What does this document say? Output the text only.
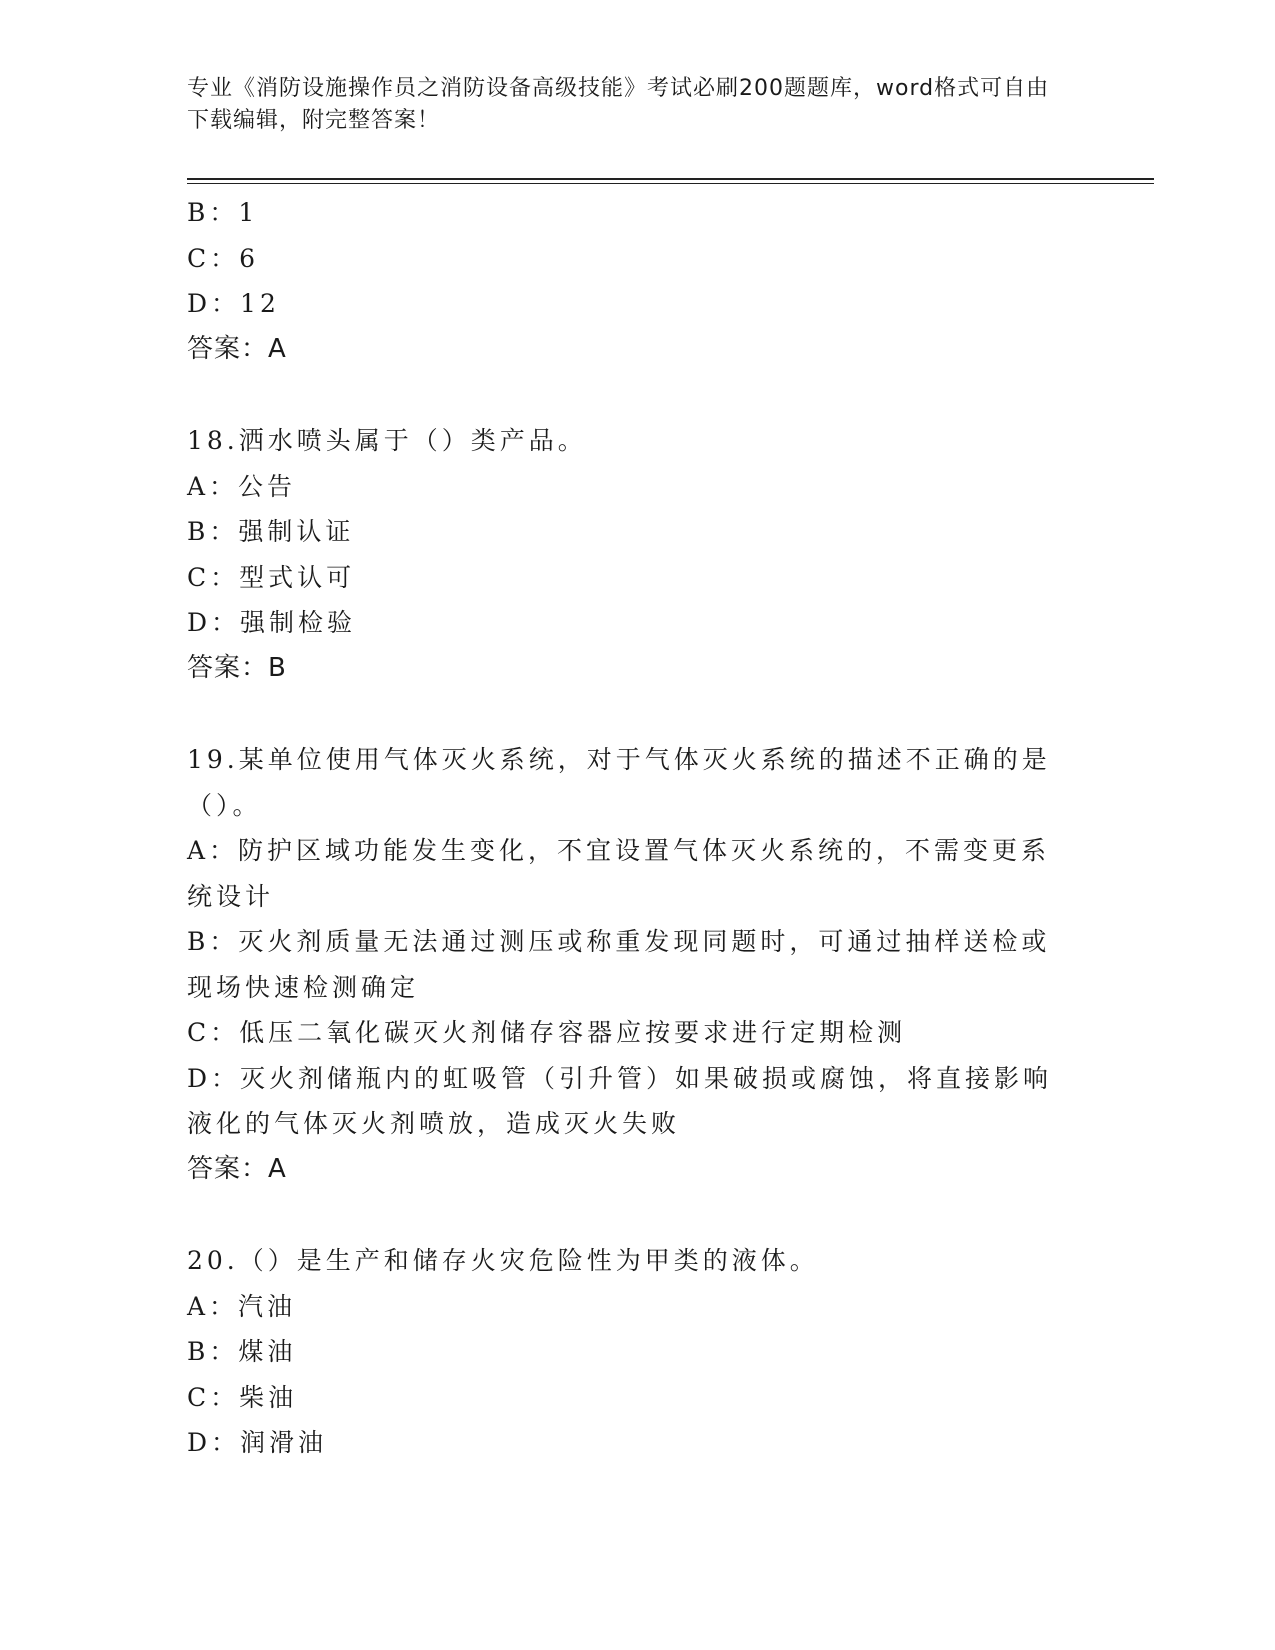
专业《消防设施操作员之消防设备高级技能》考试必刷200题题库，word格式可自由下载编辑，附完整答案！
B：1
C：6
D：12
答案：A
18.洒水喷头属于（）类产品。
A：公告
B：强制认证
C：型式认可
D：强制检验
答案：B
19.某单位使用气体灭火系统，对于气体灭火系统的描述不正确的是（）。
A：防护区域功能发生变化，不宜设置气体灭火系统的，不需变更系统设计
B：灭火剂质量无法通过测压或称重发现同题时，可通过抽样送检或现场快速检测确定
C：低压二氧化碳灭火剂储存容器应按要求进行定期检测
D：灭火剂储瓶内的虹吸管（引升管）如果破损或腐蚀，将直接影响液化的气体灭火剂喷放，造成灭火失败
答案：A
20.（）是生产和储存火灾危险性为甲类的液体。
A：汽油
B：煤油
C：柴油
D：润滑油
